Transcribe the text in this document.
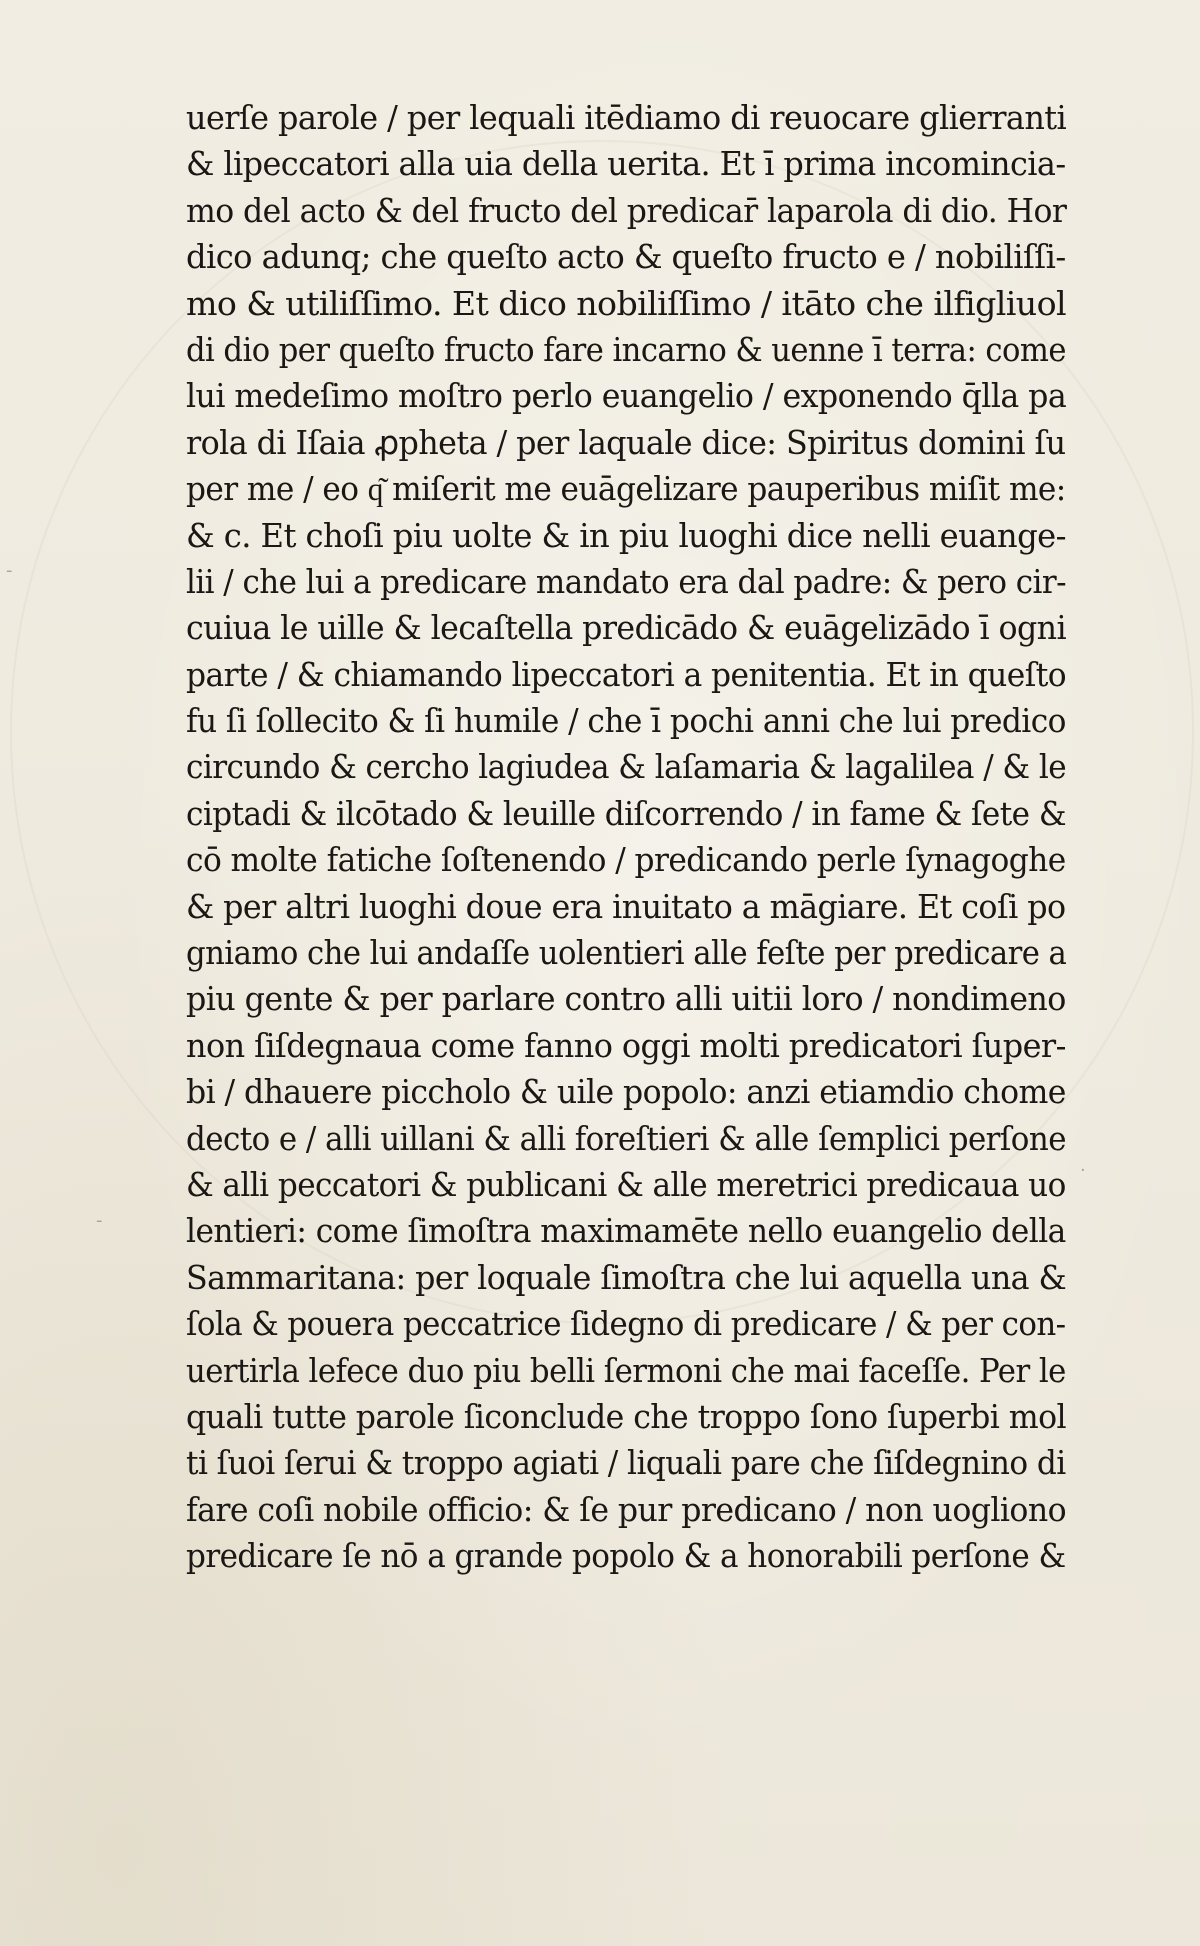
‐
‐
·
uerſe parole / per lequali itēdiamo di reuocare glierranti
& lipeccatori alla uia della uerita. Et ī prima incomincia-
mo del acto & del fructo del predicar̄ laparola di dio. Hor
dico adunq; che queſto acto & queſto fructo e / nobiliſſi-
mo & utiliſſimo. Et dico nobiliſſimo / itāto che ilfigliuol
di dio per queſto fructo fare incarno & uenne ī terra: come
lui medeſimo moſtro perlo euangelio / exponendo q̄lla pa
rola di Iſaia ꝓpheta / per laquale dice: Spiritus domini ſu
per me / eo q͂ miſerit me euāgelizare pauperibus miſit me:
& c. Et choſi piu uolte & in piu luoghi dice nelli euange-
lii / che lui a predicare mandato era dal padre: & pero cir-
cuiua le uille & lecaſtella predicādo & euāgelizādo ī ogni
parte / & chiamando lipeccatori a penitentia. Et in queſto
fu ſi ſollecito & ſi humile / che ī pochi anni che lui predico
circundo & cercho lagiudea & laſamaria & lagalilea / & le
ciptadi & ilcōtado & leuille diſcorrendo / in fame & ſete &
cō molte fatiche ſoſtenendo / predicando perle ſynagoghe
& per altri luoghi doue era inuitato a māgiare. Et coſi po
gniamo che lui andaſſe uolentieri alle feſte per predicare a
piu gente & per parlare contro alli uitii loro / nondimeno
non ſiſdegnaua come fanno oggi molti predicatori ſuper-
bi / dhauere piccholo & uile popolo: anzi etiamdio chome
decto e / alli uillani & alli foreſtieri & alle ſemplici perſone
& alli peccatori & publicani & alle meretrici predicaua uo
lentieri: come ſimoſtra maximamēte nello euangelio della
Sammaritana: per loquale ſimoſtra che lui aquella una &
ſola & pouera peccatrice ſidegno di predicare / & per con-
uertirla lefece duo piu belli ſermoni che mai faceſſe. Per le
quali tutte parole ſiconclude che troppo ſono ſuperbi mol
ti ſuoi ſerui & troppo agiati / liquali pare che ſiſdegnino di
fare coſi nobile officio: & ſe pur predicano / non uogliono
predicare ſe nō a grande popolo & a honorabili perſone &
